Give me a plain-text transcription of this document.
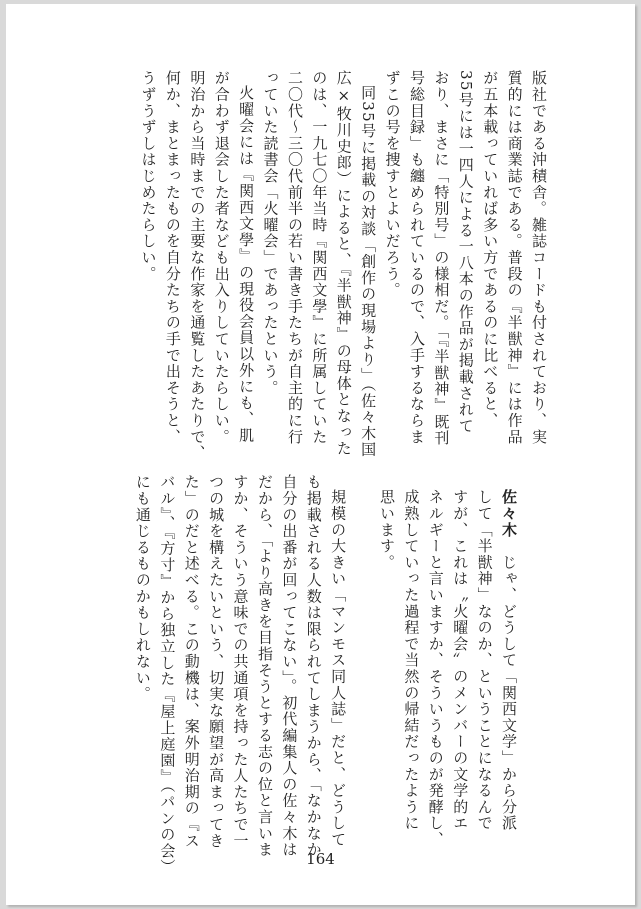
版社である沖積舎。雑誌コードも付されており、実
質的には商業誌である。普段の『半獣神』には作品
が五本載っていれば多い方であるのに比べると、
35号には一四人による一八本の作品が掲載されて
おり、まさに「特別号」の様相だ。「『半獣神』既刊
号総目録」も纏められているので、入手するならま
ずこの号を捜すとよいだろう。
同35号に掲載の対談「創作の現場より」（佐々木国
広×牧川史郎）によると、『半獣神』の母体となった
のは、一九七〇年当時『関西文學』に所属していた
二〇代〜三〇代前半の若い書き手たちが自主的に行
っていた読書会「火曜会」であったという。
火曜会には『関西文學』の現役会員以外にも、肌
が合わず退会した者なども出入りしていたらしい。
明治から当時までの主要な作家を通覧したあたりで、
何か、まとまったものを自分たちの手で出そうと、
うずうずしはじめたらしい。
佐々木　じゃ、どうして「関西文学」から分派
して「半獣神」なのか、ということになるんで
すが、これは〝火曜会〟のメンバーの文学的エ
ネルギーと言いますか、そういうものが発酵し、
成熟していった過程で当然の帰結だったように
思います。
規模の大きい「マンモス同人誌」だと、どうして
も掲載される人数は限られてしまうから、「なかなか
自分の出番が回ってこない」。初代編集人の佐々木は
だから、「より高きを目指そうとする志の位と言いま
すか、そういう意味での共通項を持った人たちで一
つの城を構えたいという、切実な願望が高まってき
た」のだと述べる。この動機は、案外明治期の『ス
バル』、『方寸』から独立した『屋上庭園』（パンの会）
にも通じるものかもしれない。
164
